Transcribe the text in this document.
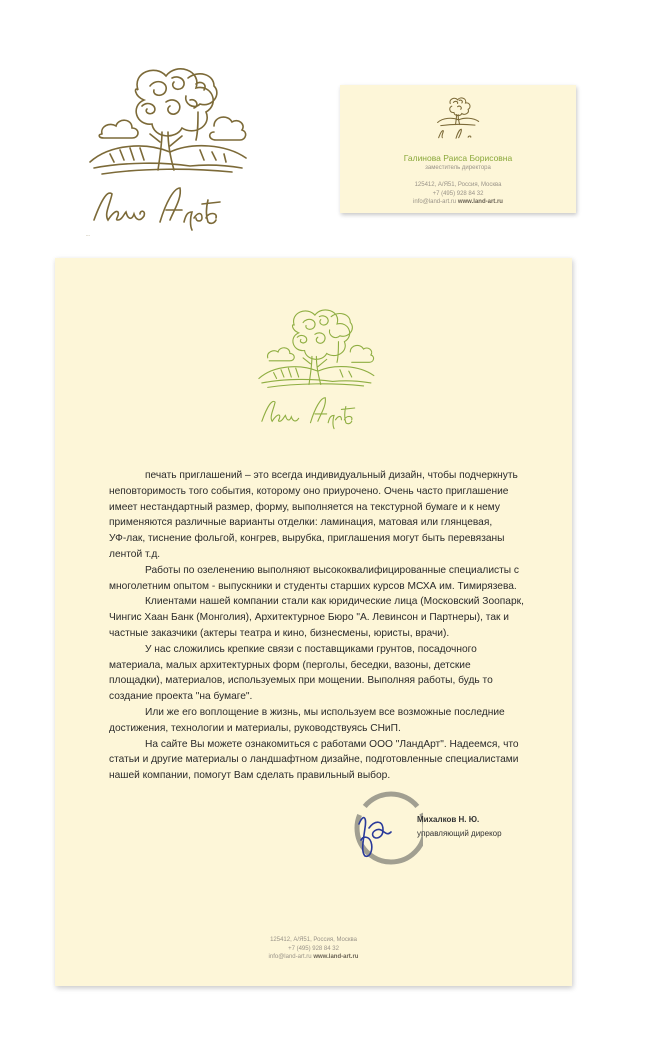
ЛандАрт
Галинова Раиса Борисовна
заместитель директора
125412, А/Я51, Россия, Москва
+7 (495) 928 84 32
info@land-art.ru www.land-art.ru

печать приглашений – это всегда индивидуальный дизайн, чтобы подчеркнуть
неповторимость того события, которому оно приурочено. Очень часто приглашение
имеет нестандартный размер, форму, выполняется на текстурной бумаге и к нему
применяются различные варианты отделки: ламинация, матовая или глянцевая,
УФ-лак, тиснение фольгой, конгрев, вырубка, приглашения могут быть перевязаны
лентой т.д.

Работы по озеленению выполняют высококвалифицированные специалисты с
многолетним опытом - выпускники и студенты старших курсов МСХА им. Тимирязева.

Клиентами нашей компании стали как юридические лица (Московский Зоопарк,
Чингис Хаан Банк (Монголия), Архитектурное Бюро "А. Левинсон и Партнеры), так и
частные заказчики (актеры театра и кино, бизнесмены, юристы, врачи).

У нас сложились крепкие связи с поставщиками грунтов, посадочного
материала, малых архитектурных форм (перголы, беседки, вазоны, детские
площадки), материалов, используемых при мощении. Выполняя работы, будь то
создание проекта "на бумаге".

Или же его воплощение в жизнь, мы используем все возможные последние
достижения, технологии и материалы, руководствуясь СНиП.

На сайте Вы можете ознакомиться с работами ООО "ЛандАрт". Надеемся, что
статьи и другие материалы о ландшафтном дизайне, подготовленные специалистами
нашей компании, помогут Вам сделать правильный выбор.

Михалков Н. Ю.
управляющий дирекор
125412, А/Я51, Россия, Москва
+7 (495) 928 84 32
info@land-art.ru www.land-art.ru
